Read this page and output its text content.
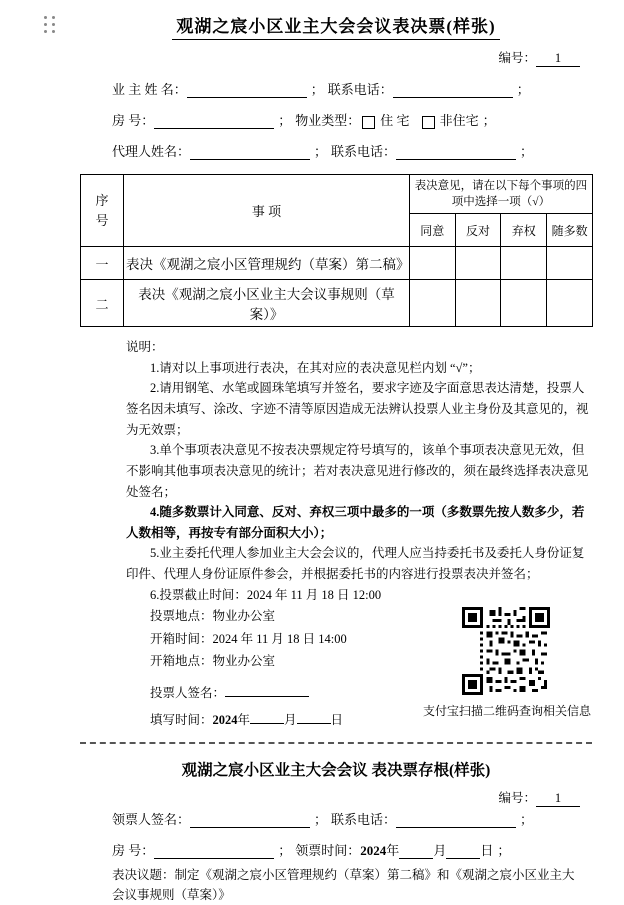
观湖之宸小区业主大会会议表决票(样张)
编号： 1
业 主 姓 名：	； 联系电话：	；
房 号：	； 物业类型： 住 宅 非住宅 ；
代理人姓名：	； 联系电话：	；
序
号	事 项	表决意见，请在以下每个事项的四项中选择一项（√）			
		同意	反对	弃权	随多数
一	表决《观湖之宸小区管理规约（草案）第二稿》				
二	表决《观湖之宸小区业主大会议事规则（草案）》				
说明：
1.请对以上事项进行表决，在其对应的表决意见栏内划 “√”；
2.请用钢笔、水笔或圆珠笔填写并签名，要求字迹及字面意思表达清楚，投票人签名因未填写、涂改、字迹不清等原因造成无法辨认投票人业主身份及其意见的，视为无效票；
3.单个事项表决意见不按表决票规定符号填写的，该单个事项表决意见无效，但不影响其他事项表决意见的统计；若对表决意见进行修改的，须在最终选择表决意见处签名；
4.随多数票计入同意、反对、弃权三项中最多的一项（多数票先按人数多少，若人数相等，再按专有部分面积大小）；
5.业主委托代理人参加业主大会会议的，代理人应当持委托书及委托人身份证复印件、代理人身份证原件参会，并根据委托书的内容进行投票表决并签名；
6.投票截止时间：2024 年 11 月 18 日 12:00
投票地点：物业办公室
开箱时间：2024 年 11 月 18 日 14:00
开箱地点：物业办公室
投票人签名：
填写时间：2024年	月	日
支付宝扫描二维码查询相关信息
观湖之宸小区业主大会会议 表决票存根(样张)
编号： 1
领票人签名：	； 联系电话：	；
房 号：	； 领票时间： 2024 年	月	日 ；
表决议题：制定《观湖之宸小区管理规约（草案）第二稿》和《观湖之宸小区业主大会议事规则（草案）》
